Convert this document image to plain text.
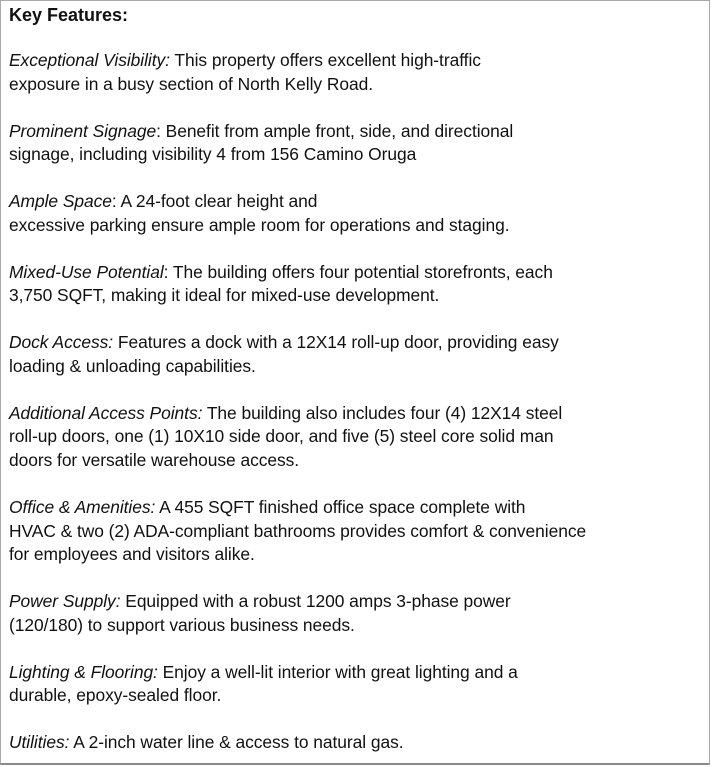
Key Features:
Exceptional Visibility: This property offers excellent high-traffic
exposure in a busy section of North Kelly Road.
Prominent Signage: Benefit from ample front, side, and directional
signage, including visibility 4 from 156 Camino Oruga
Ample Space: A 24-foot clear height and
excessive parking ensure ample room for operations and staging.
Mixed-Use Potential: The building offers four potential storefronts, each
3,750 SQFT, making it ideal for mixed-use development.
Dock Access: Features a dock with a 12X14 roll-up door, providing easy
loading & unloading capabilities.
Additional Access Points: The building also includes four (4) 12X14 steel
roll-up doors, one (1) 10X10 side door, and five (5) steel core solid man
doors for versatile warehouse access.
Office & Amenities: A 455 SQFT finished office space complete with
HVAC & two (2) ADA-compliant bathrooms provides comfort & convenience
for employees and visitors alike.
Power Supply: Equipped with a robust 1200 amps 3-phase power
(120/180) to support various business needs.
Lighting & Flooring: Enjoy a well-lit interior with great lighting and a
durable, epoxy-sealed floor.
Utilities: A 2-inch water line & access to natural gas.
